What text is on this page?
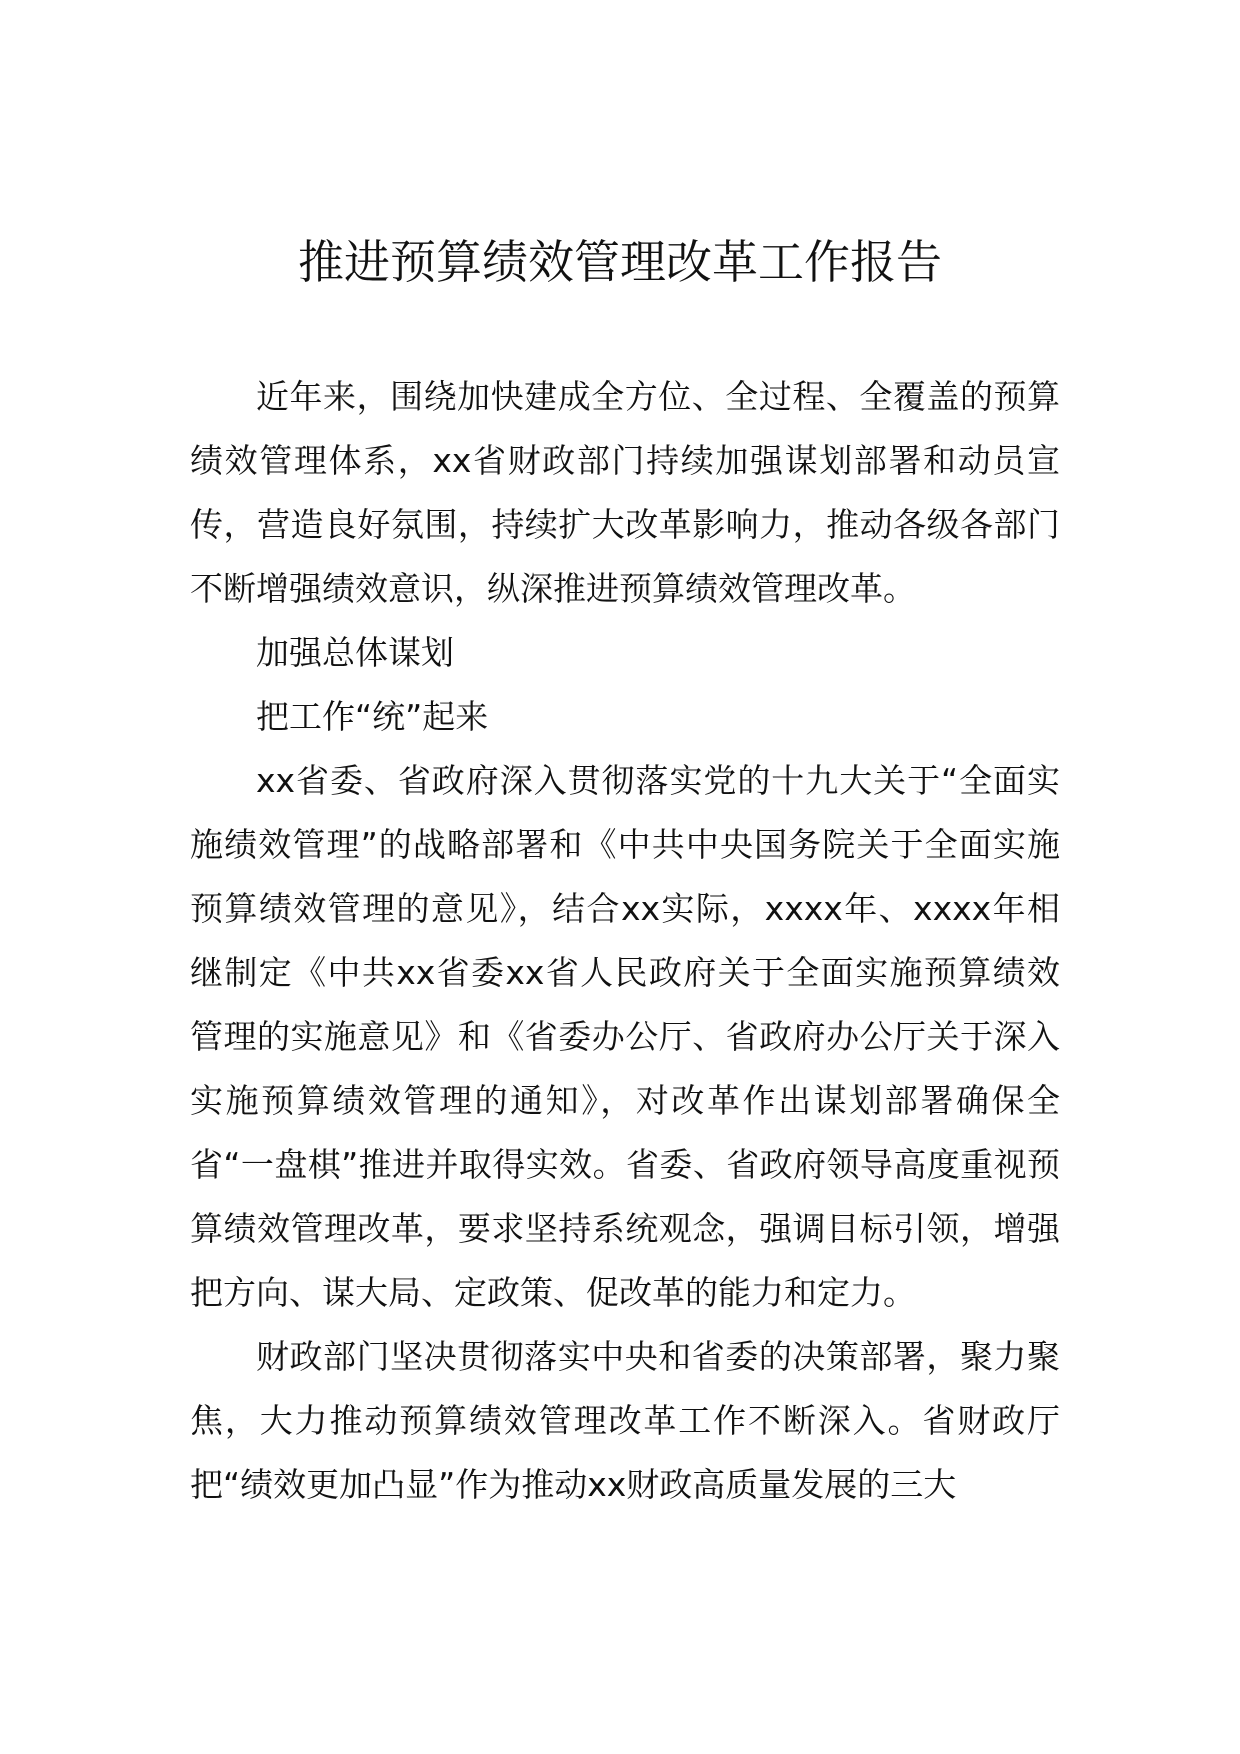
推进预算绩效管理改革工作报告

近年来，围绕加快建成全方位、全过程、全覆盖的预算绩效管理体系，xx省财政部门持续加强谋划部署和动员宣传，营造良好氛围，持续扩大改革影响力，推动各级各部门不断增强绩效意识，纵深推进预算绩效管理改革。

加强总体谋划

把工作“统”起来

xx省委、省政府深入贯彻落实党的十九大关于“全面实施绩效管理”的战略部署和《中共中央国务院关于全面实施预算绩效管理的意见》，结合xx实际，xxxx年、xxxx年相继制定《中共xx省委xx省人民政府关于全面实施预算绩效管理的实施意见》和《省委办公厅、省政府办公厅关于深入实施预算绩效管理的通知》，对改革作出谋划部署确保全省“一盘棋”推进并取得实效。省委、省政府领导高度重视预算绩效管理改革，要求坚持系统观念，强调目标引领，增强把方向、谋大局、定政策、促改革的能力和定力。

财政部门坚决贯彻落实中央和省委的决策部署，聚力聚焦，大力推动预算绩效管理改革工作不断深入。省财政厅把“绩效更加凸显”作为推动xx财政高质量发展的三大
